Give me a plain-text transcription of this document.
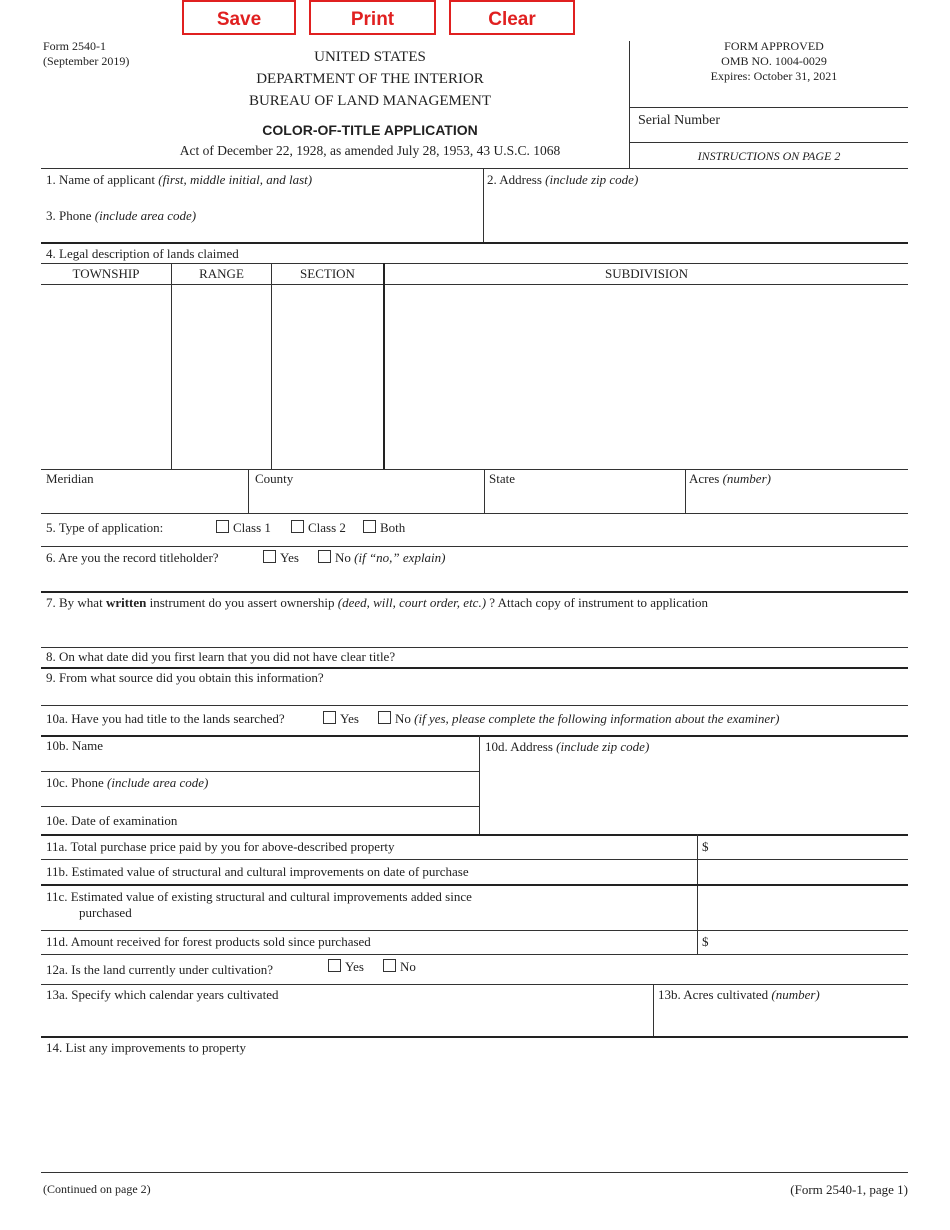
Save	Print	Clear
Form 2540-1
(September 2019)	UNITED STATES
DEPARTMENT OF THE INTERIOR
BUREAU OF LAND MANAGEMENT
COLOR-OF-TITLE APPLICATION
Act of December 22, 1928, as amended July 28, 1953, 43 U.S.C. 1068
FORM APPROVED
OMB NO. 1004-0029
Expires: October 31, 2021
Serial Number
INSTRUCTIONS ON PAGE 2
1. Name of applicant (first, middle initial, and last)	2. Address (include zip code)
3. Phone (include area code)
4. Legal description of lands claimed
TOWNSHIP	RANGE	SECTION	SUBDIVISION
Meridian	County	State	Acres (number)
5. Type of application:	Class 1	Class 2	Both
6. Are you the record titleholder?	Yes	No (if “no,” explain)
7. By what written instrument do you assert ownership (deed, will, court order, etc.) ? Attach copy of instrument to application
8. On what date did you first learn that you did not have clear title?
9. From what source did you obtain this information?
10a. Have you had title to the lands searched?	Yes	No (if yes, please complete the following information about the examiner)
10b. Name	10d. Address (include zip code)
10c. Phone (include area code)
10e. Date of examination
11a. Total purchase price paid by you for above-described property	$
11b. Estimated value of structural and cultural improvements on date of purchase
11c. Estimated value of existing structural and cultural improvements added since
purchased
11d. Amount received for forest products sold since purchased	$
12a. Is the land currently under cultivation?	Yes	No
13a. Specify which calendar years cultivated	13b. Acres cultivated (number)
14. List any improvements to property
(Continued on page 2)	(Form 2540-1, page 1)
